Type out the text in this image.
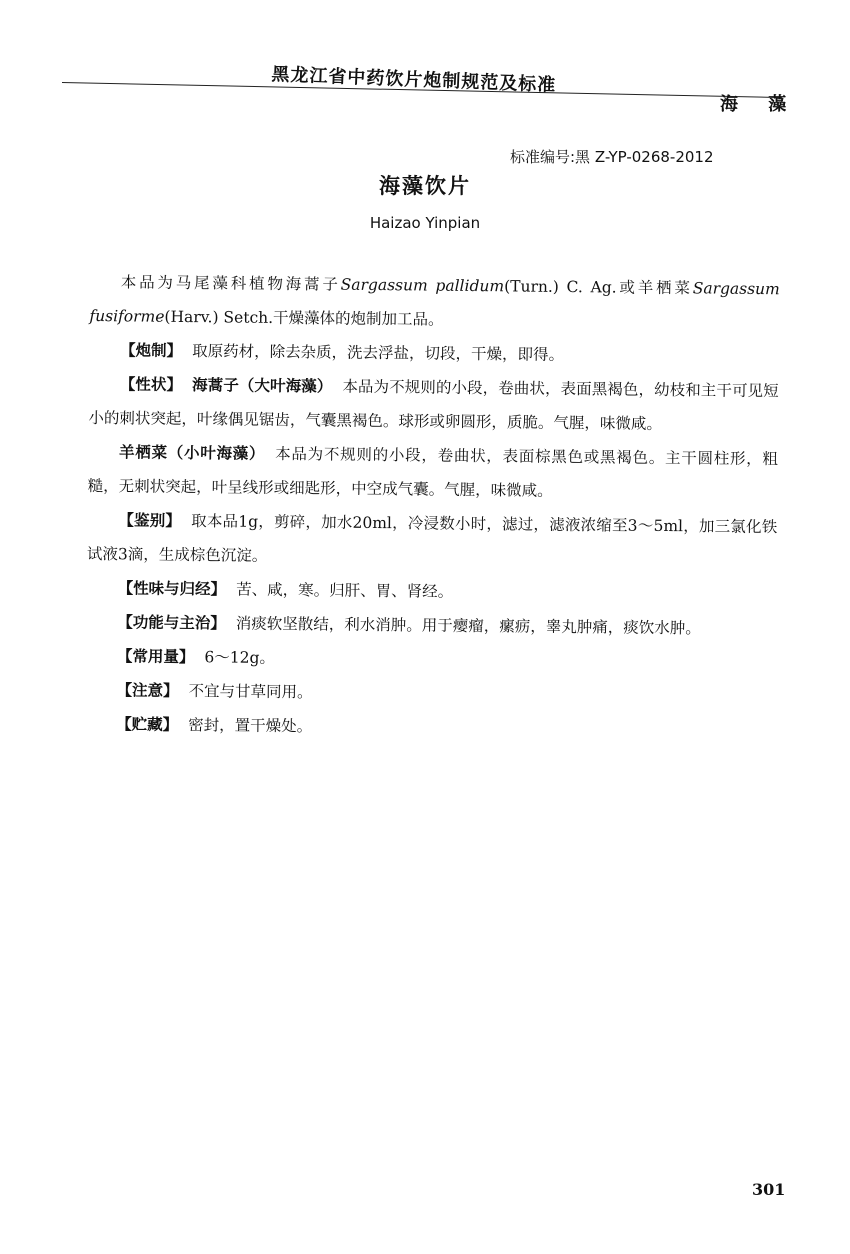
黑龙江省中药饮片炮制规范及标准
海 藻
标准编号:黑 Z-YP-0268-2012
海藻饮片
Haizao Yinpian

本品为马尾藻科植物海蒿子Sargassum pallidum(Turn.) C. Ag.或羊栖菜Sargassum fusiforme(Harv.) Setch.干燥藻体的炮制加工品。

【炮制】 取原药材，除去杂质，洗去浮盐，切段，干燥，即得。

【性状】 海蒿子（大叶海藻） 本品为不规则的小段，卷曲状，表面黑褐色，幼枝和主干可见短小的刺状突起，叶缘偶见锯齿，气囊黑褐色。球形或卵圆形，质脆。气腥，味微咸。

羊栖菜（小叶海藻） 本品为不规则的小段，卷曲状，表面棕黑色或黑褐色。主干圆柱形，粗糙，无刺状突起，叶呈线形或细匙形，中空成气囊。气腥，味微咸。

【鉴别】 取本品1g，剪碎，加水20ml，冷浸数小时，滤过，滤液浓缩至3～5ml，加三氯化铁试液3滴，生成棕色沉淀。

【性味与归经】 苦、咸，寒。归肝、胃、肾经。

【功能与主治】 消痰软坚散结，利水消肿。用于瘿瘤，瘰疬，睾丸肿痛，痰饮水肿。

【常用量】 6～12g。

【注意】 不宜与甘草同用。

【贮藏】 密封，置干燥处。

301
